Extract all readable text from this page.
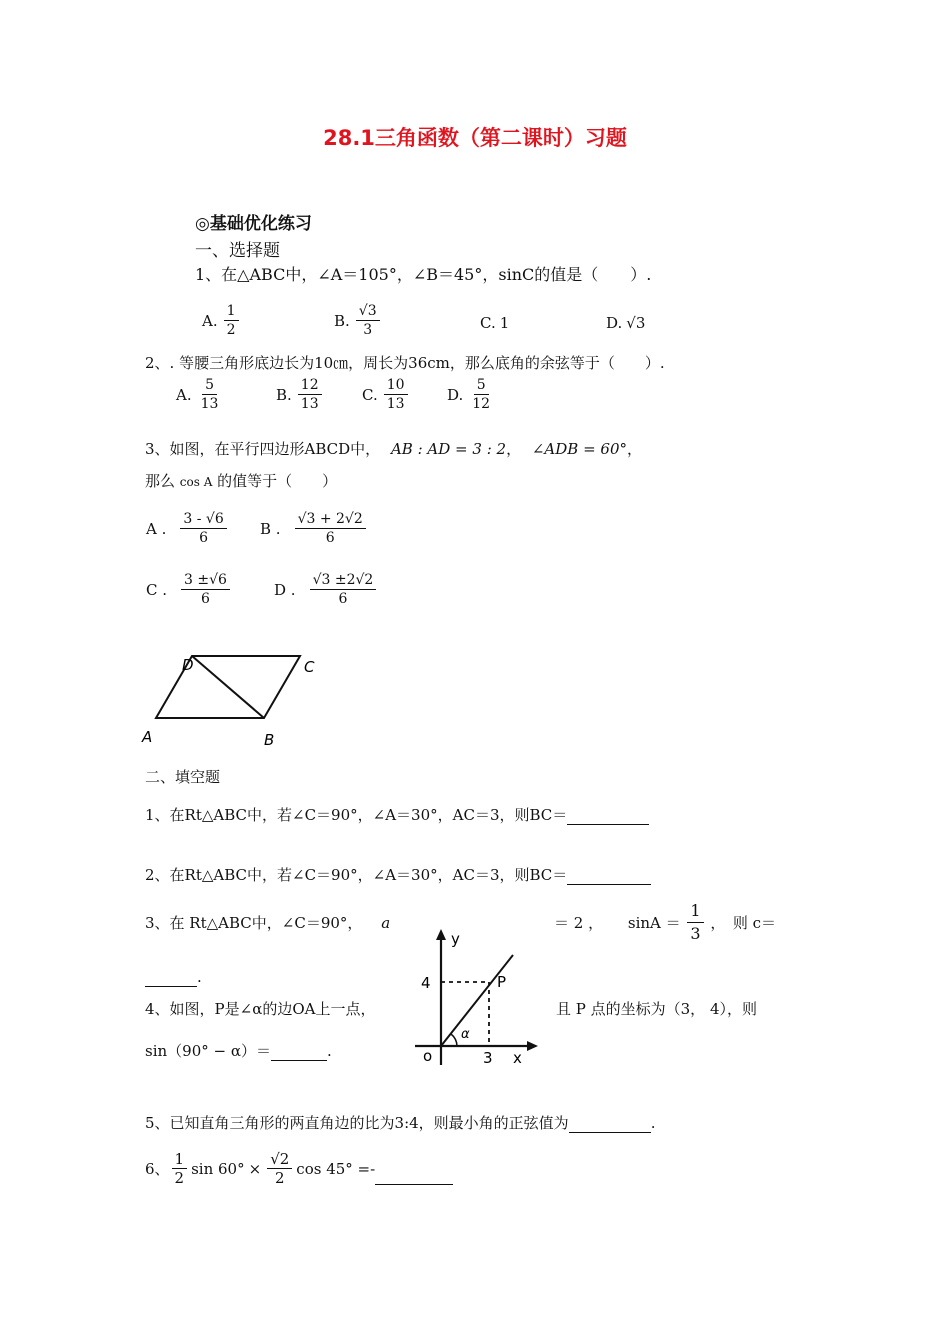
28.1三角函数（第二课时）习题
◎基础优化练习
一、选择题
1、在△ABC中，∠A＝105°，∠B＝45°，sinC的值是（　　）.
A. $\frac{1}{2}$	B. $\frac{√3}{3}$	C. 1	D. √3
2、. 等腰三角形底边长为10㎝，周长为36cm，那么底角的余弦等于（　　）.
A. $\frac{5}{13}$	B. $\frac{12}{13}$	C. $\frac{10}{13}$	D. $\frac{5}{12}$
3、如图，在平行四边形ABCD中， AB : AD = 3 : 2， ∠ADB = 60°，
那么 cos A 的值等于（　　）
A . $\frac{3 - √6}{6}$ B . $\frac{√3 + 2√2}{6}$
C . $\frac{3 \pm√6}{6}$	D . $\frac{√3 \pm 2√2}{6}$
D	C
A	B
二、填空题
1、在Rt△ABC中，若∠C＝90°，∠A＝30°，AC＝3，则BC＝
2、在Rt△ABC中，若∠C＝90°，∠A＝30°，AC＝3，则BC＝
3、在 Rt△ABC中，∠C＝90°， a	＝ 2 ， $\sin A = \frac{1}{3}$ ，　则 c＝
.
4、如图，P是∠α的边OA上一点，	且 P 点的坐标为（3， 4），则
sin（90° − α）＝	.
y
x
o
4
3
P
α
5、已知直角三角形的两直角边的比为3:4，则最小角的正弦值为	.
6、 $\frac{1}{2}$ $\sin 60^\circ \times \frac{√2}{2}$ cos 45° = -
